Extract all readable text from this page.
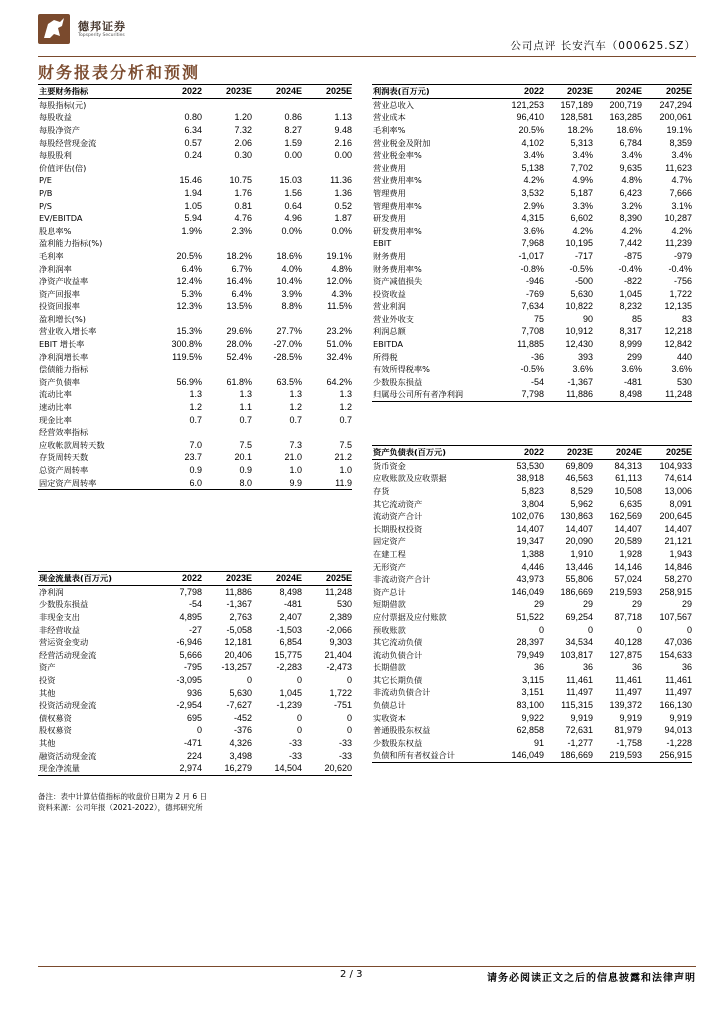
德邦证券
Topsperity Securities
公司点评 长安汽车（000625.SZ）
财务报表分析和预测
主要财务指标	2022	2023E	2024E	2025E
每股指标(元)				
每股收益	0.80	1.20	0.86	1.13
每股净资产	6.34	7.32	8.27	9.48
每股经营现金流	0.57	2.06	1.59	2.16
每股股利	0.24	0.30	0.00	0.00
价值评估(倍)				
P/E	15.46	10.75	15.03	11.36
P/B	1.94	1.76	1.56	1.36
P/S	1.05	0.81	0.64	0.52
EV/EBITDA	5.94	4.76	4.96	1.87
股息率%	1.9%	2.3%	0.0%	0.0%
盈利能力指标(%)				
毛利率	20.5%	18.2%	18.6%	19.1%
净利润率	6.4%	6.7%	4.0%	4.8%
净资产收益率	12.4%	16.4%	10.4%	12.0%
资产回报率	5.3%	6.4%	3.9%	4.3%
投资回报率	12.3%	13.5%	8.8%	11.5%
盈利增长(%)				
营业收入增长率	15.3%	29.6%	27.7%	23.2%
EBIT 增长率	300.8%	28.0%	-27.0%	51.0%
净利润增长率	119.5%	52.4%	-28.5%	32.4%
偿债能力指标				
资产负债率	56.9%	61.8%	63.5%	64.2%
流动比率	1.3	1.3	1.3	1.3
速动比率	1.2	1.1	1.2	1.2
现金比率	0.7	0.7	0.7	0.7
经营效率指标				
应收帐款周转天数	7.0	7.5	7.3	7.5
存货周转天数	23.7	20.1	21.0	21.2
总资产周转率	0.9	0.9	1.0	1.0
固定资产周转率	6.0	8.0	9.9	11.9
利润表(百万元)	2022	2023E	2024E	2025E
营业总收入	121,253	157,189	200,719	247,294
营业成本	96,410	128,581	163,285	200,061
毛利率%	20.5%	18.2%	18.6%	19.1%
营业税金及附加	4,102	5,313	6,784	8,359
营业税金率%	3.4%	3.4%	3.4%	3.4%
营业费用	5,138	7,702	9,635	11,623
营业费用率%	4.2%	4.9%	4.8%	4.7%
管理费用	3,532	5,187	6,423	7,666
管理费用率%	2.9%	3.3%	3.2%	3.1%
研发费用	4,315	6,602	8,390	10,287
研发费用率%	3.6%	4.2%	4.2%	4.2%
EBIT	7,968	10,195	7,442	11,239
财务费用	-1,017	-717	-875	-979
财务费用率%	-0.8%	-0.5%	-0.4%	-0.4%
资产减值损失	-946	-500	-822	-756
投资收益	-769	5,630	1,045	1,722
营业利润	7,634	10,822	8,232	12,135
营业外收支	75	90	85	83
利润总额	7,708	10,912	8,317	12,218
EBITDA	11,885	12,430	8,999	12,842
所得税	-36	393	299	440
有效所得税率%	-0.5%	3.6%	3.6%	3.6%
少数股东损益	-54	-1,367	-481	530
归属母公司所有者净利润	7,798	11,886	8,498	11,248
资产负债表(百万元)	2022	2023E	2024E	2025E
货币资金	53,530	69,809	84,313	104,933
应收账款及应收票据	38,918	46,563	61,113	74,614
存货	5,823	8,529	10,508	13,006
其它流动资产	3,804	5,962	6,635	8,091
流动资产合计	102,076	130,863	162,569	200,645
长期股权投资	14,407	14,407	14,407	14,407
固定资产	19,347	20,090	20,589	21,121
在建工程	1,388	1,910	1,928	1,943
无形资产	4,446	13,446	14,146	14,846
非流动资产合计	43,973	55,806	57,024	58,270
资产总计	146,049	186,669	219,593	258,915
短期借款	29	29	29	29
应付票据及应付账款	51,522	69,254	87,718	107,567
预收账款	0	0	0	0
其它流动负债	28,397	34,534	40,128	47,036
流动负债合计	79,949	103,817	127,875	154,633
长期借款	36	36	36	36
其它长期负债	3,115	11,461	11,461	11,461
非流动负债合计	3,151	11,497	11,497	11,497
负债总计	83,100	115,315	139,372	166,130
实收资本	9,922	9,919	9,919	9,919
普通股股东权益	62,858	72,631	81,979	94,013
少数股东权益	91	-1,277	-1,758	-1,228
负债和所有者权益合计	146,049	186,669	219,593	256,915
现金流量表(百万元)	2022	2023E	2024E	2025E
净利润	7,798	11,886	8,498	11,248
少数股东损益	-54	-1,367	-481	530
非现金支出	4,895	2,763	2,407	2,389
非经营收益	-27	-5,058	-1,503	-2,066
营运资金变动	-6,946	12,181	6,854	9,303
经营活动现金流	5,666	20,406	15,775	21,404
资产	-795	-13,257	-2,283	-2,473
投资	-3,095	0	0	0
其他	936	5,630	1,045	1,722
投资活动现金流	-2,954	-7,627	-1,239	-751
债权募资	695	-452	0	0
股权募资	0	-376	0	0
其他	-471	4,326	-33	-33
融资活动现金流	224	3,498	-33	-33
现金净流量	2,974	16,279	14,504	20,620
备注：表中计算估值指标的收盘价日期为 2 月 6 日
资料来源：公司年报（2021-2022），德邦研究所
2 / 3	请务必阅读正文之后的信息披露和法律声明
